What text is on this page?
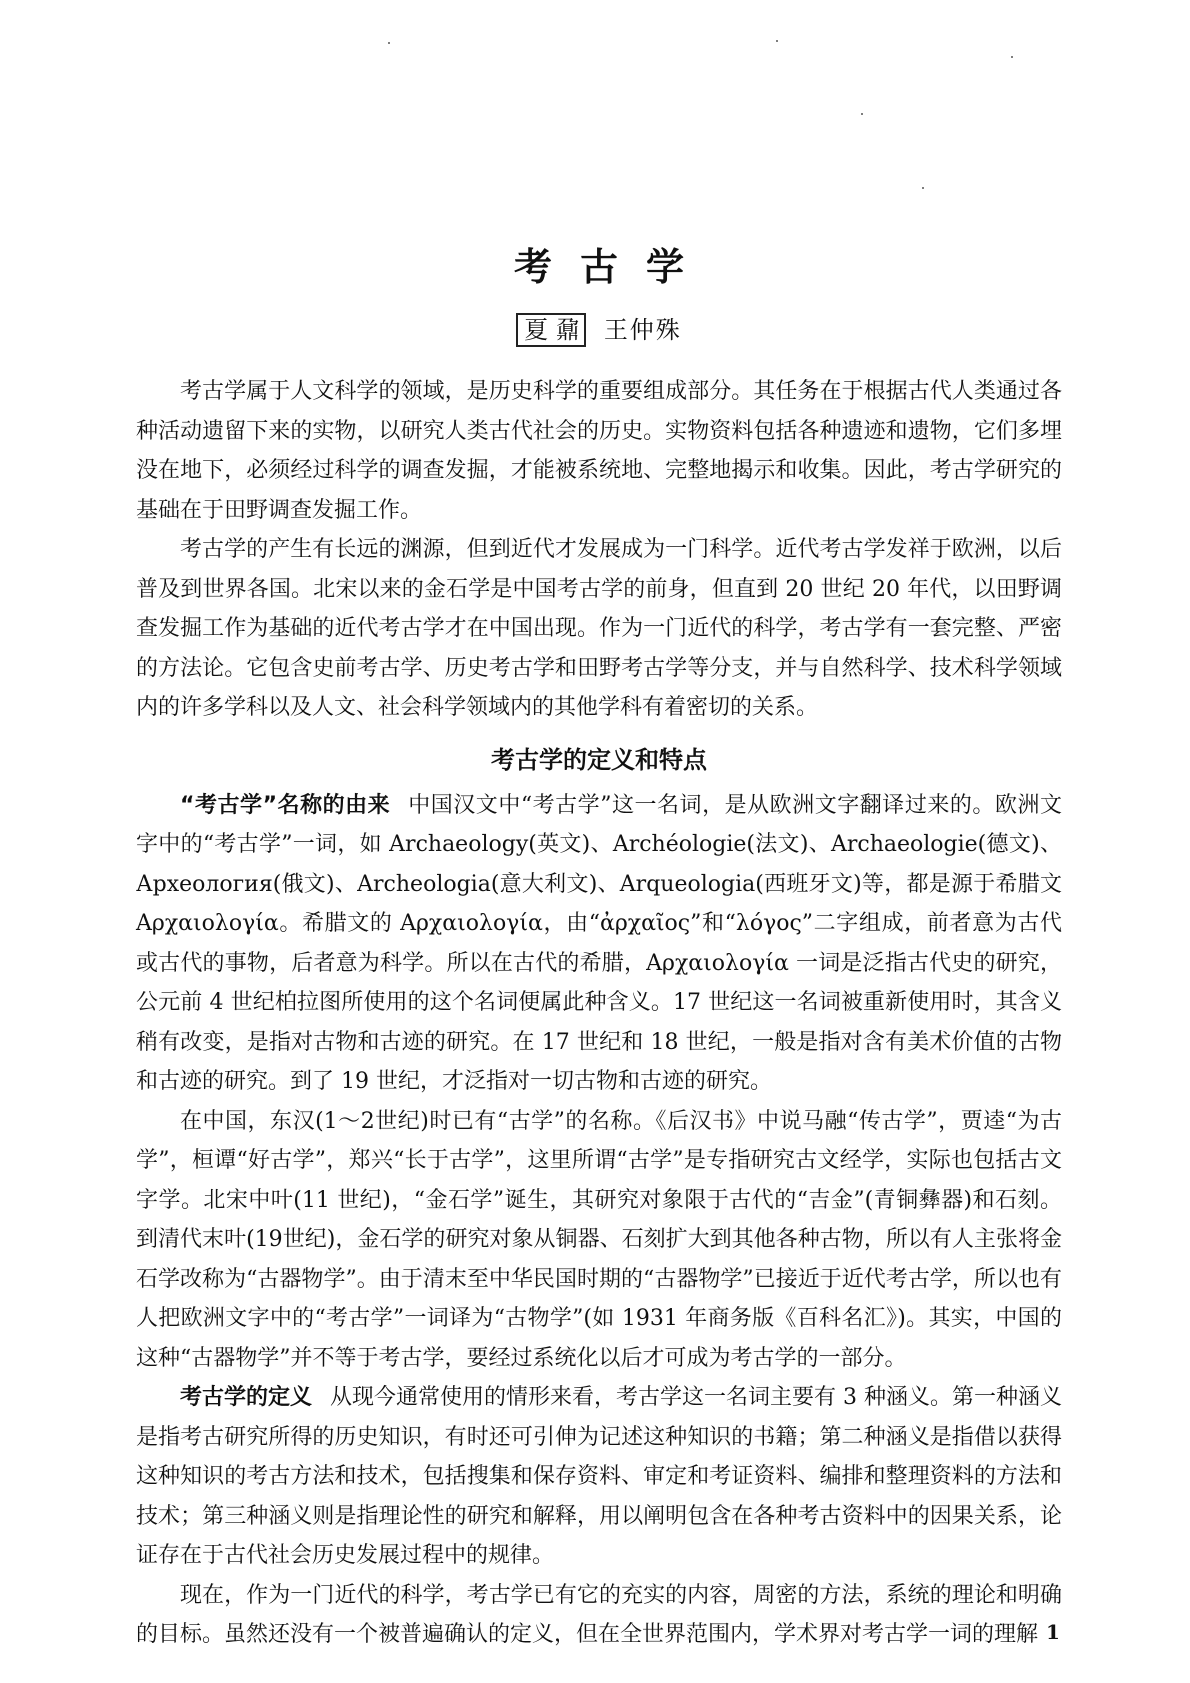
考古学
夏 鼐 王仲殊

考古学属于人文科学的领域，是历史科学的重要组成部分。其任务在于根据古代人类通过各种活动遗留下来的实物，以研究人类古代社会的历史。实物资料包括各种遗迹和遗物，它们多埋没在地下，必须经过科学的调查发掘，才能被系统地、完整地揭示和收集。因此，考古学研究的基础在于田野调查发掘工作。

考古学的产生有长远的渊源，但到近代才发展成为一门科学。近代考古学发祥于欧洲，以后普及到世界各国。北宋以来的金石学是中国考古学的前身，但直到 20 世纪 20 年代，以田野调查发掘工作为基础的近代考古学才在中国出现。作为一门近代的科学，考古学有一套完整、严密的方法论。它包含史前考古学、历史考古学和田野考古学等分支，并与自然科学、技术科学领域内的许多学科以及人文、社会科学领域内的其他学科有着密切的关系。

考古学的定义和特点

“考古学”名称的由来 中国汉文中“考古学”这一名词，是从欧洲文字翻译过来的。欧洲文字中的“考古学”一词，如 Archaeology(英文)、Archéologie(法文)、Archaeologie(德文)、Археология(俄文)、Archeologia(意大利文)、Arqueologia(西班牙文)等，都是源于希腊文 Αρχαιολογία。希腊文的 Αρχαιολογία，由“ἀρχαῖος”和“λόγος”二字组成，前者意为古代或古代的事物，后者意为科学。所以在古代的希腊，Αρχαιολογία 一词是泛指古代史的研究，公元前 4 世纪柏拉图所使用的这个名词便属此种含义。17 世纪这一名词被重新使用时，其含义稍有改变，是指对古物和古迹的研究。在 17 世纪和 18 世纪，一般是指对含有美术价值的古物和古迹的研究。到了 19 世纪，才泛指对一切古物和古迹的研究。

在中国，东汉(1～2世纪)时已有“古学”的名称。《后汉书》中说马融“传古学”，贾逵“为古学”，桓谭“好古学”，郑兴“长于古学”，这里所谓“古学”是专指研究古文经学，实际也包括古文字学。北宋中叶(11 世纪)，“金石学”诞生，其研究对象限于古代的“吉金”(青铜彝器)和石刻。到清代末叶(19世纪)，金石学的研究对象从铜器、石刻扩大到其他各种古物，所以有人主张将金石学改称为“古器物学”。由于清末至中华民国时期的“古器物学”已接近于近代考古学，所以也有人把欧洲文字中的“考古学”一词译为“古物学”(如 1931 年商务版《百科名汇》)。其实，中国的这种“古器物学”并不等于考古学，要经过系统化以后才可成为考古学的一部分。

考古学的定义 从现今通常使用的情形来看，考古学这一名词主要有 3 种涵义。第一种涵义是指考古研究所得的历史知识，有时还可引伸为记述这种知识的书籍；第二种涵义是指借以获得这种知识的考古方法和技术，包括搜集和保存资料、审定和考证资料、编排和整理资料的方法和技术；第三种涵义则是指理论性的研究和解释，用以阐明包含在各种考古资料中的因果关系，论证存在于古代社会历史发展过程中的规律。

现在，作为一门近代的科学，考古学已有它的充实的内容，周密的方法，系统的理论和明确的目标。虽然还没有一个被普遍确认的定义，但在全世界范围内，学术界对考古学一词的理解 1
